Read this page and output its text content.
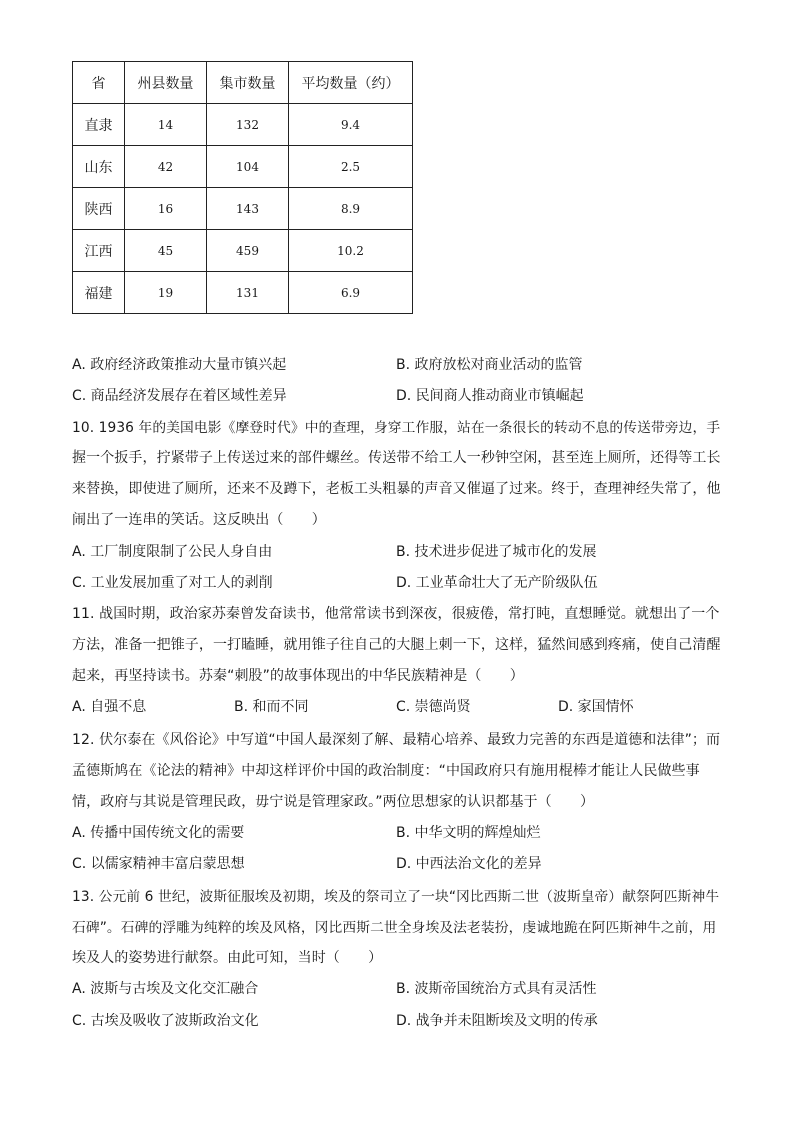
省	州县数量	集市数量	平均数量（约）
直隶	14	132	9.4
山东	42	104	2.5
陕西	16	143	8.9
江西	45	459	10.2
福建	19	131	6.9
A. 政府经济政策推动大量市镇兴起	B. 政府放松对商业活动的监管
C. 商品经济发展存在着区域性差异	D. 民间商人推动商业市镇崛起
10. 1936 年的美国电影《摩登时代》中的查理，身穿工作服，站在一条很长的转动不息的传送带旁边，手
握一个扳手，拧紧带子上传送过来的部件螺丝。传送带不给工人一秒钟空闲，甚至连上厕所，还得等工长
来替换，即使进了厕所，还来不及蹲下，老板工头粗暴的声音又催逼了过来。终于，查理神经失常了，他
闹出了一连串的笑话。这反映出（　　）
A. 工厂制度限制了公民人身自由	B. 技术进步促进了城市化的发展
C. 工业发展加重了对工人的剥削	D. 工业革命壮大了无产阶级队伍
11. 战国时期，政治家苏秦曾发奋读书，他常常读书到深夜，很疲倦，常打盹，直想睡觉。就想出了一个
方法，准备一把锥子，一打瞌睡，就用锥子往自己的大腿上刺一下，这样，猛然间感到疼痛，使自己清醒
起来，再坚持读书。苏秦“刺股”的故事体现出的中华民族精神是（　　）
A. 自强不息	B. 和而不同	C. 崇德尚贤	D. 家国情怀
12. 伏尔泰在《风俗论》中写道“中国人最深刻了解、最精心培养、最致力完善的东西是道德和法律”；而
孟德斯鸠在《论法的精神》中却这样评价中国的政治制度：“中国政府只有施用棍棒才能让人民做些事
情，政府与其说是管理民政，毋宁说是管理家政。”两位思想家的认识都基于（　　）
A. 传播中国传统文化的需要	B. 中华文明的辉煌灿烂
C. 以儒家精神丰富启蒙思想	D. 中西法治文化的差异
13. 公元前 6 世纪，波斯征服埃及初期，埃及的祭司立了一块“冈比西斯二世（波斯皇帝）献祭阿匹斯神牛
石碑”。石碑的浮雕为纯粹的埃及风格，冈比西斯二世全身埃及法老装扮，虔诚地跪在阿匹斯神牛之前，用
埃及人的姿势进行献祭。由此可知，当时（　　）
A. 波斯与古埃及文化交汇融合	B. 波斯帝国统治方式具有灵活性
C. 古埃及吸收了波斯政治文化	D. 战争并未阻断埃及文明的传承
